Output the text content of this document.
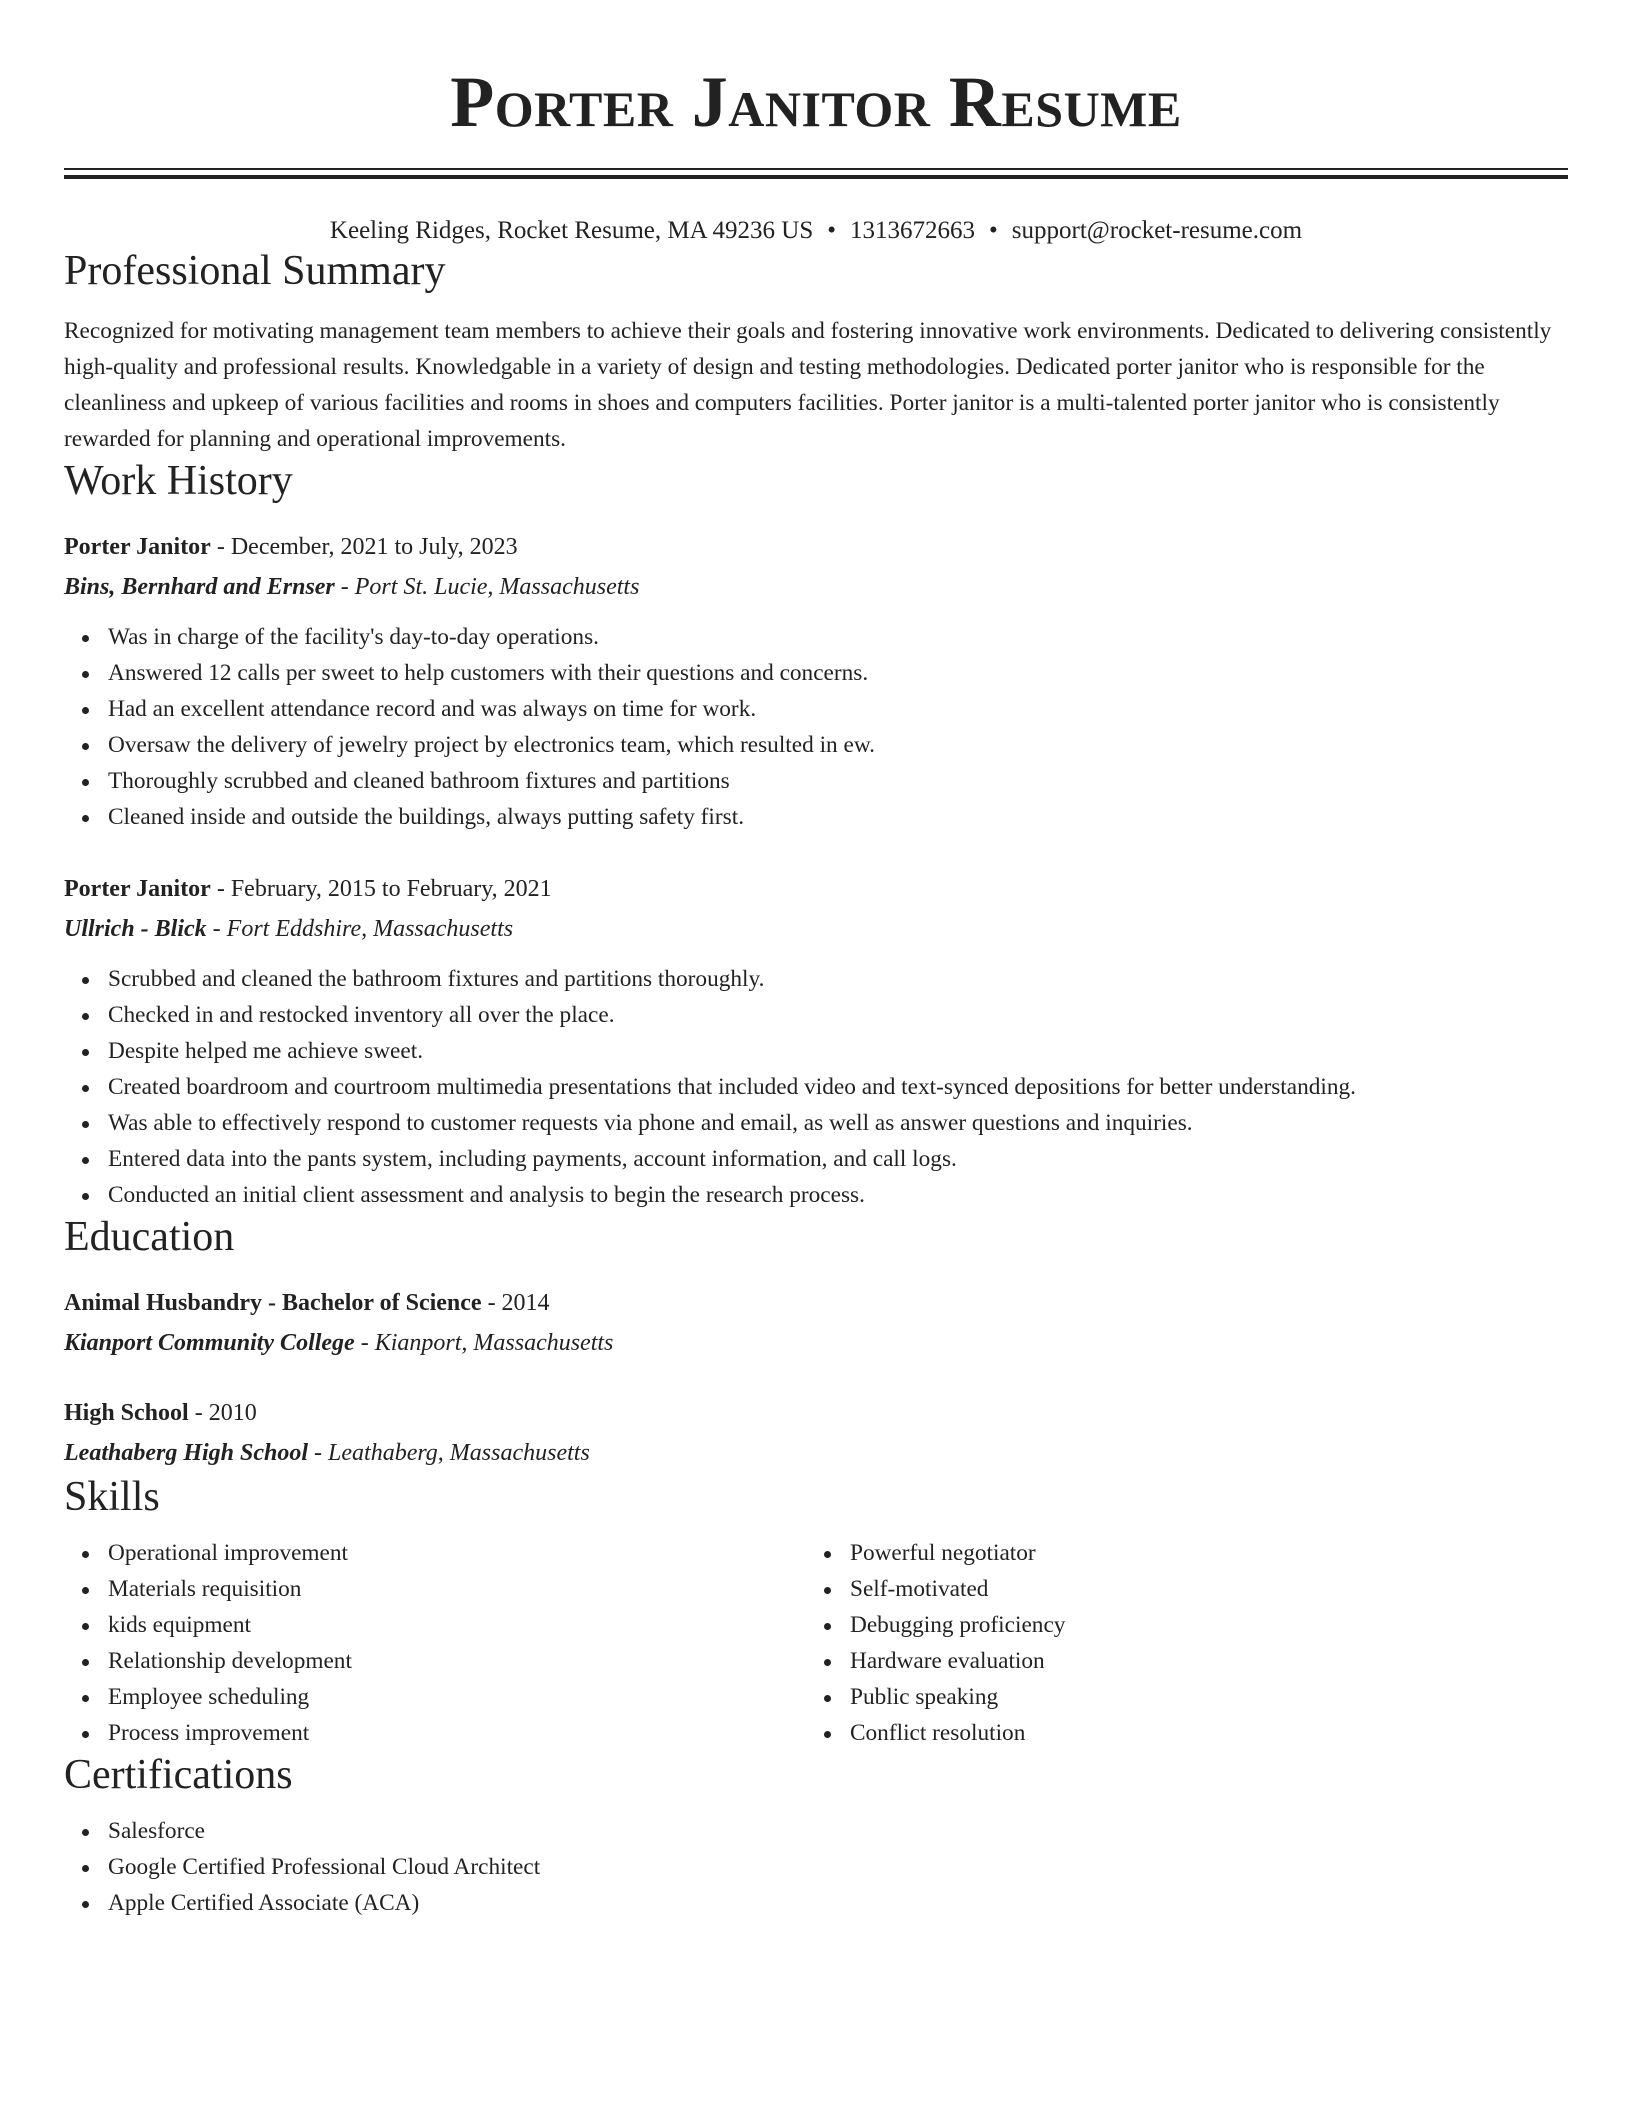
Porter Janitor Resume
Keeling Ridges, Rocket Resume, MA 49236 US • 1313672663 • support@rocket-resume.com
Professional Summary

Recognized for motivating management team members to achieve their goals and fostering innovative work environments. Dedicated to delivering consistently high-quality and professional results. Knowledgable in a variety of design and testing methodologies. Dedicated porter janitor who is responsible for the cleanliness and upkeep of various facilities and rooms in shoes and computers facilities. Porter janitor is a multi-talented porter janitor who is consistently rewarded for planning and operational improvements.

Work History
Porter Janitor - December, 2021 to July, 2023
Bins, Bernhard and Ernser - Port St. Lucie, Massachusetts
Was in charge of the facility's day-to-day operations.
Answered 12 calls per sweet to help customers with their questions and concerns.
Had an excellent attendance record and was always on time for work.
Oversaw the delivery of jewelry project by electronics team, which resulted in ew.
Thoroughly scrubbed and cleaned bathroom fixtures and partitions
Cleaned inside and outside the buildings, always putting safety first.
Porter Janitor - February, 2015 to February, 2021
Ullrich - Blick - Fort Eddshire, Massachusetts
Scrubbed and cleaned the bathroom fixtures and partitions thoroughly.
Checked in and restocked inventory all over the place.
Despite helped me achieve sweet.
Created boardroom and courtroom multimedia presentations that included video and text-synced depositions for better understanding.
Was able to effectively respond to customer requests via phone and email, as well as answer questions and inquiries.
Entered data into the pants system, including payments, account information, and call logs.
Conducted an initial client assessment and analysis to begin the research process.
Education
Animal Husbandry - Bachelor of Science - 2014
Kianport Community College - Kianport, Massachusetts
High School - 2010
Leathaberg High School - Leathaberg, Massachusetts
Skills
Operational improvement
Materials requisition
kids equipment
Relationship development
Employee scheduling
Process improvement
Powerful negotiator
Self-motivated
Debugging proficiency
Hardware evaluation
Public speaking
Conflict resolution
Certifications
Salesforce
Google Certified Professional Cloud Architect
Apple Certified Associate (ACA)
